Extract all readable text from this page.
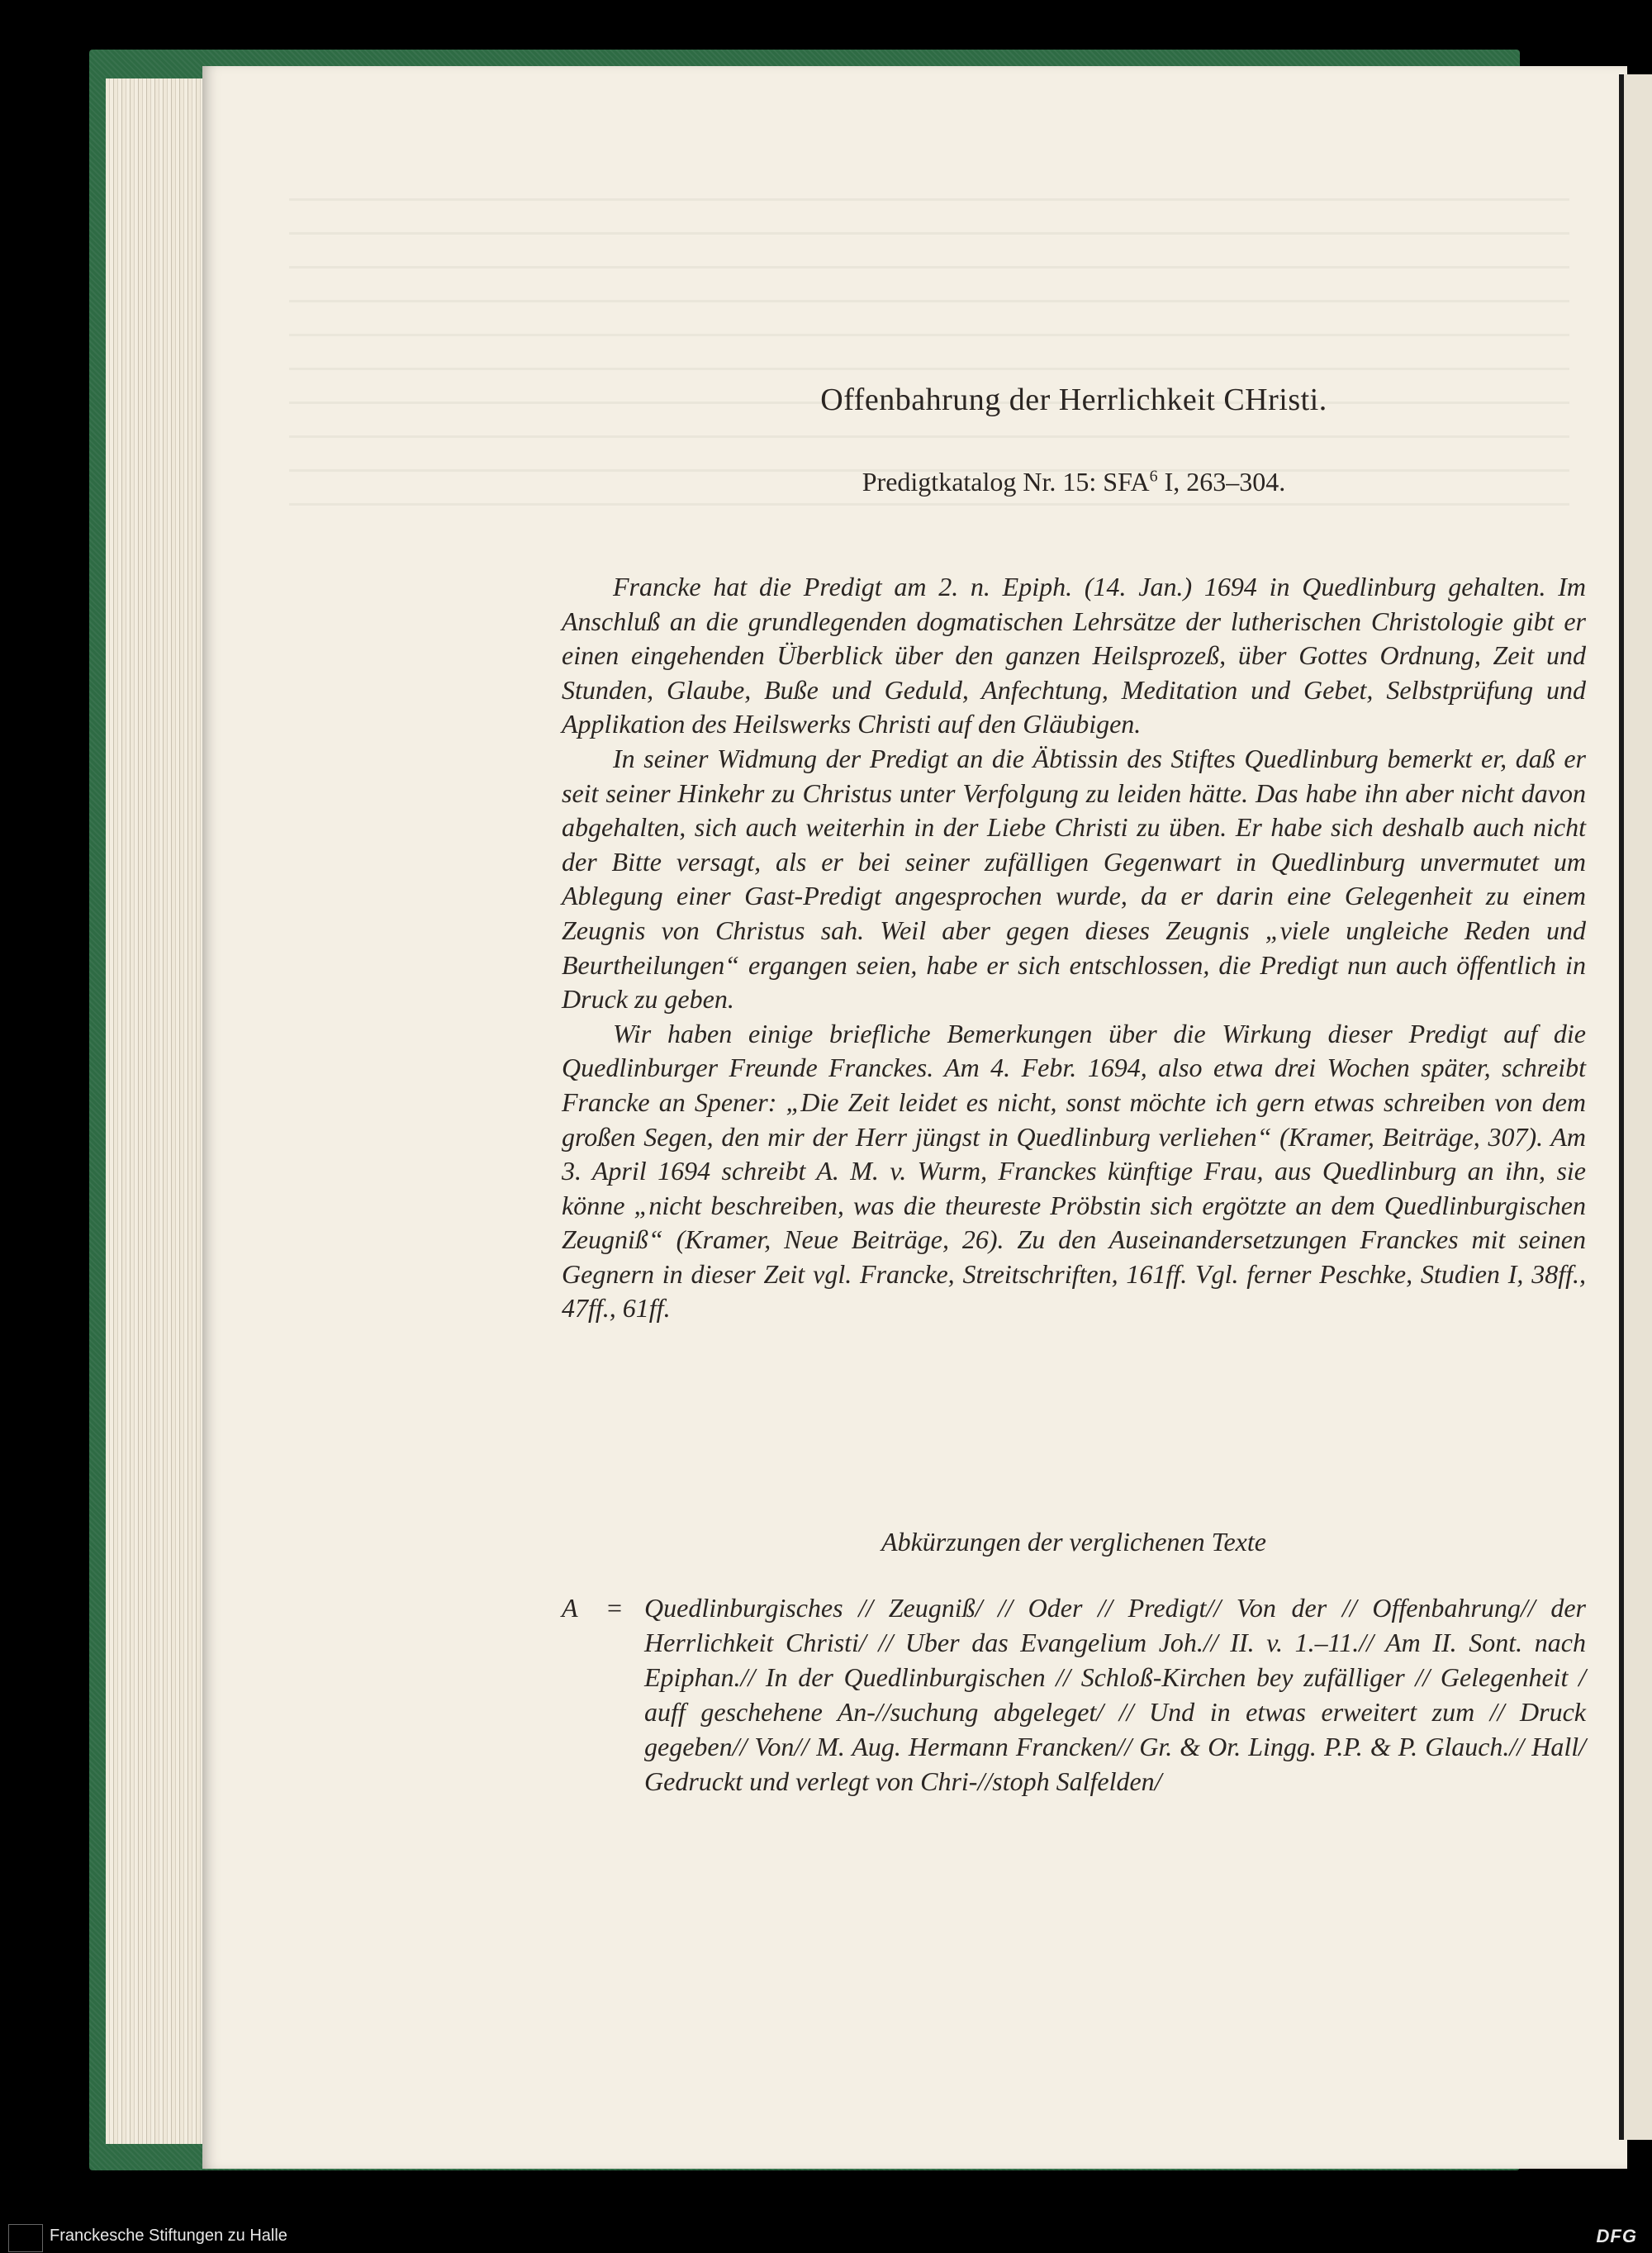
Offenbahrung der Herrlichkeit CHristi.
Predigtkatalog Nr. 15: SFA$^6$ I, 263–304.

Francke hat die Predigt am 2. n. Epiph. (14. Jan.) 1694 in Quedlinburg gehalten. Im Anschluß an die grundlegenden dogmatischen Lehrsätze der lutherischen Christologie gibt er einen eingehenden Überblick über den ganzen Heilsprozeß, über Gottes Ordnung, Zeit und Stunden, Glaube, Buße und Geduld, Anfechtung, Meditation und Gebet, Selbstprüfung und Applikation des Heilswerks Christi auf den Gläubigen.

In seiner Widmung der Predigt an die Äbtissin des Stiftes Quedlinburg bemerkt er, daß er seit seiner Hinkehr zu Christus unter Verfolgung zu leiden hätte. Das habe ihn aber nicht davon abgehalten, sich auch weiterhin in der Liebe Christi zu üben. Er habe sich deshalb auch nicht der Bitte versagt, als er bei seiner zufälligen Gegenwart in Quedlinburg unvermutet um Ablegung einer Gast-Predigt angesprochen wurde, da er darin eine Gelegenheit zu einem Zeugnis von Christus sah. Weil aber gegen dieses Zeugnis „viele ungleiche Reden und Beurtheilungen“ ergangen seien, habe er sich entschlossen, die Predigt nun auch öffentlich in Druck zu geben.

Wir haben einige briefliche Bemerkungen über die Wirkung dieser Predigt auf die Quedlinburger Freunde Franckes. Am 4. Febr. 1694, also etwa drei Wochen später, schreibt Francke an Spener: „Die Zeit leidet es nicht, sonst möchte ich gern etwas schreiben von dem großen Segen, den mir der Herr jüngst in Quedlinburg verliehen“ (Kramer, Beiträge, 307). Am 3. April 1694 schreibt A. M. v. Wurm, Franckes künftige Frau, aus Quedlinburg an ihn, sie könne „nicht beschreiben, was die theureste Pröbstin sich ergötzte an dem Quedlinburgischen Zeugniß“ (Kramer, Neue Beiträge, 26). Zu den Auseinandersetzungen Franckes mit seinen Gegnern in dieser Zeit vgl. Francke, Streitschriften, 161ff. Vgl. ferner Peschke, Studien I, 38ff., 47ff., 61ff.

Abkürzungen der verglichenen Texte
A = Quedlinburgisches // Zeugniß/ // Oder // Predigt// Von der // Offenbahrung// der Herrlichkeit Christi/ // Uber das Evangelium Joh.// II. v. 1.–11.// Am II. Sont. nach Epiphan.// In der Quedlinburgischen // Schloß-Kirchen bey zufälliger // Gelegenheit / auff geschehene An-//suchung abgeleget/ // Und in etwas erweitert zum // Druck gegeben// Von// M. Aug. Hermann Francken// Gr. & Or. Lingg. P.P. & P. Glauch.// Hall/ Gedruckt und verlegt von Chri-//stoph Salfelden/
Franckesche Stiftungen zu Halle	DFG
